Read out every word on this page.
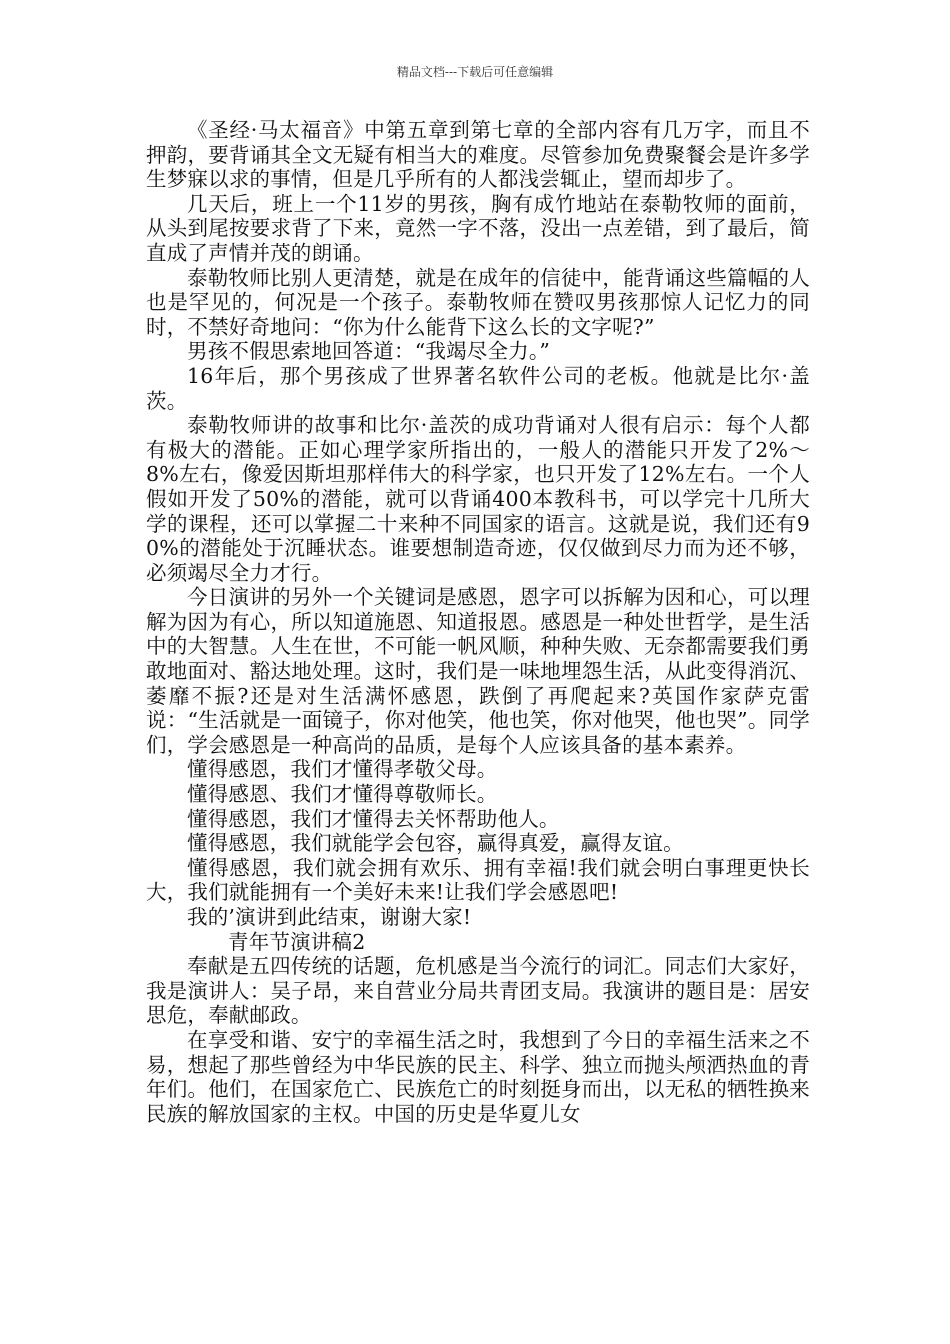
精品文档---下载后可任意编辑

《圣经·马太福音》中第五章到第七章的全部内容有几万字，而且不押韵，要背诵其全文无疑有相当大的难度。尽管参加免费聚餐会是许多学生梦寐以求的事情，但是几乎所有的人都浅尝辄止，望而却步了。

几天后，班上一个11岁的男孩，胸有成竹地站在泰勒牧师的面前，从头到尾按要求背了下来，竟然一字不落，没出一点差错，到了最后，简直成了声情并茂的朗诵。

泰勒牧师比别人更清楚，就是在成年的信徒中，能背诵这些篇幅的人也是罕见的，何况是一个孩子。泰勒牧师在赞叹男孩那惊人记忆力的同时，不禁好奇地问：“你为什么能背下这么长的文字呢?”

男孩不假思索地回答道：“我竭尽全力。”

16年后，那个男孩成了世界著名软件公司的老板。他就是比尔·盖茨。

泰勒牧师讲的故事和比尔·盖茨的成功背诵对人很有启示：每个人都有极大的潜能。正如心理学家所指出的，一般人的潜能只开发了2%～8%左右，像爱因斯坦那样伟大的科学家，也只开发了12%左右。一个人假如开发了50%的潜能，就可以背诵400本教科书，可以学完十几所大学的课程，还可以掌握二十来种不同国家的语言。这就是说，我们还有90%的潜能处于沉睡状态。谁要想制造奇迹，仅仅做到尽力而为还不够，必须竭尽全力才行。

今日演讲的另外一个关键词是感恩，恩字可以拆解为因和心，可以理解为因为有心，所以知道施恩、知道报恩。感恩是一种处世哲学，是生活中的大智慧。人生在世，不可能一帆风顺，种种失败、无奈都需要我们勇敢地面对、豁达地处理。这时，我们是一味地埋怨生活，从此变得消沉、萎靡不振?还是对生活满怀感恩，跌倒了再爬起来?英国作家萨克雷说：“生活就是一面镜子，你对他笑，他也笑，你对他哭，他也哭”。同学们，学会感恩是一种高尚的品质，是每个人应该具备的基本素养。

懂得感恩，我们才懂得孝敬父母。

懂得感恩、我们才懂得尊敬师长。

懂得感恩，我们才懂得去关怀帮助他人。

懂得感恩，我们就能学会包容，赢得真爱，赢得友谊。

懂得感恩，我们就会拥有欢乐、拥有幸福!我们就会明白事理更快长大，我们就能拥有一个美好未来!让我们学会感恩吧!

我的’演讲到此结束，谢谢大家!

青年节演讲稿2

奉献是五四传统的话题，危机感是当今流行的词汇。同志们大家好，我是演讲人：吴子昂，来自营业分局共青团支局。我演讲的题目是：居安思危，奉献邮政。

在享受和谐、安宁的幸福生活之时，我想到了今日的幸福生活来之不易，想起了那些曾经为中华民族的民主、科学、独立而抛头颅洒热血的青年们。他们，在国家危亡、民族危亡的时刻挺身而出，以无私的牺牲换来民族的解放国家的主权。中国的历史是华夏儿女
